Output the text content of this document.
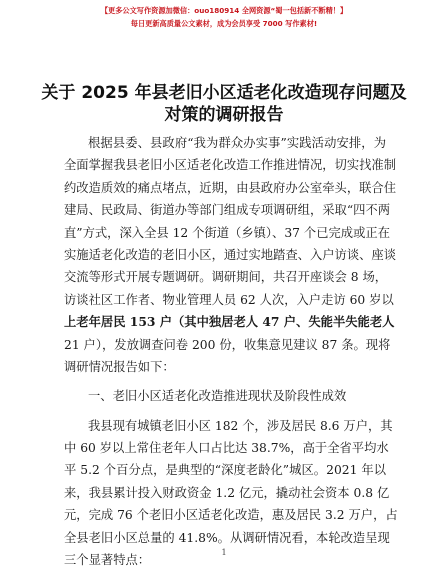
【更多公文写作资源加微信：ouo180914 全网资源“蜀一包括新不断精！】
每日更新高质量公文素材，成为会员享受 7000 写作素材!
关于 2025 年县老旧小区适老化改造现存问题及
对策的调研报告
根据县委、县政府“我为群众办实事”实践活动安排，为
全面掌握我县老旧小区适老化改造工作推进情况，切实找准制
约改造质效的痛点堵点，近期，由县政府办公室牵头，联合住
建局、民政局、街道办等部门组成专项调研组，采取“四不两
直”方式，深入全县 12 个街道（乡镇）、37 个已完成或正在
实施适老化改造的老旧小区，通过实地踏查、入户访谈、座谈
交流等形式开展专题调研。调研期间，共召开座谈会 8 场，
访谈社区工作者、物业管理人员 62 人次，入户走访 60 岁以
上老年居民 153 户（其中独居老人 47 户、失能半失能老人
21 户），发放调查问卷 200 份，收集意见建议 87 条。现将
调研情况报告如下：
一、老旧小区适老化改造推进现状及阶段性成效
我县现有城镇老旧小区 182 个，涉及居民 8.6 万户，其
中 60 岁以上常住老年人口占比达 38.7%，高于全省平均水
平 5.2 个百分点，是典型的“深度老龄化”城区。2021 年以
来，我县累计投入财政资金 1.2 亿元，撬动社会资本 0.8 亿
元，完成 76 个老旧小区适老化改造，惠及居民 3.2 万户，占
全县老旧小区总量的 41.8%。从调研情况看，本轮改造呈现
三个显著特点：
1
